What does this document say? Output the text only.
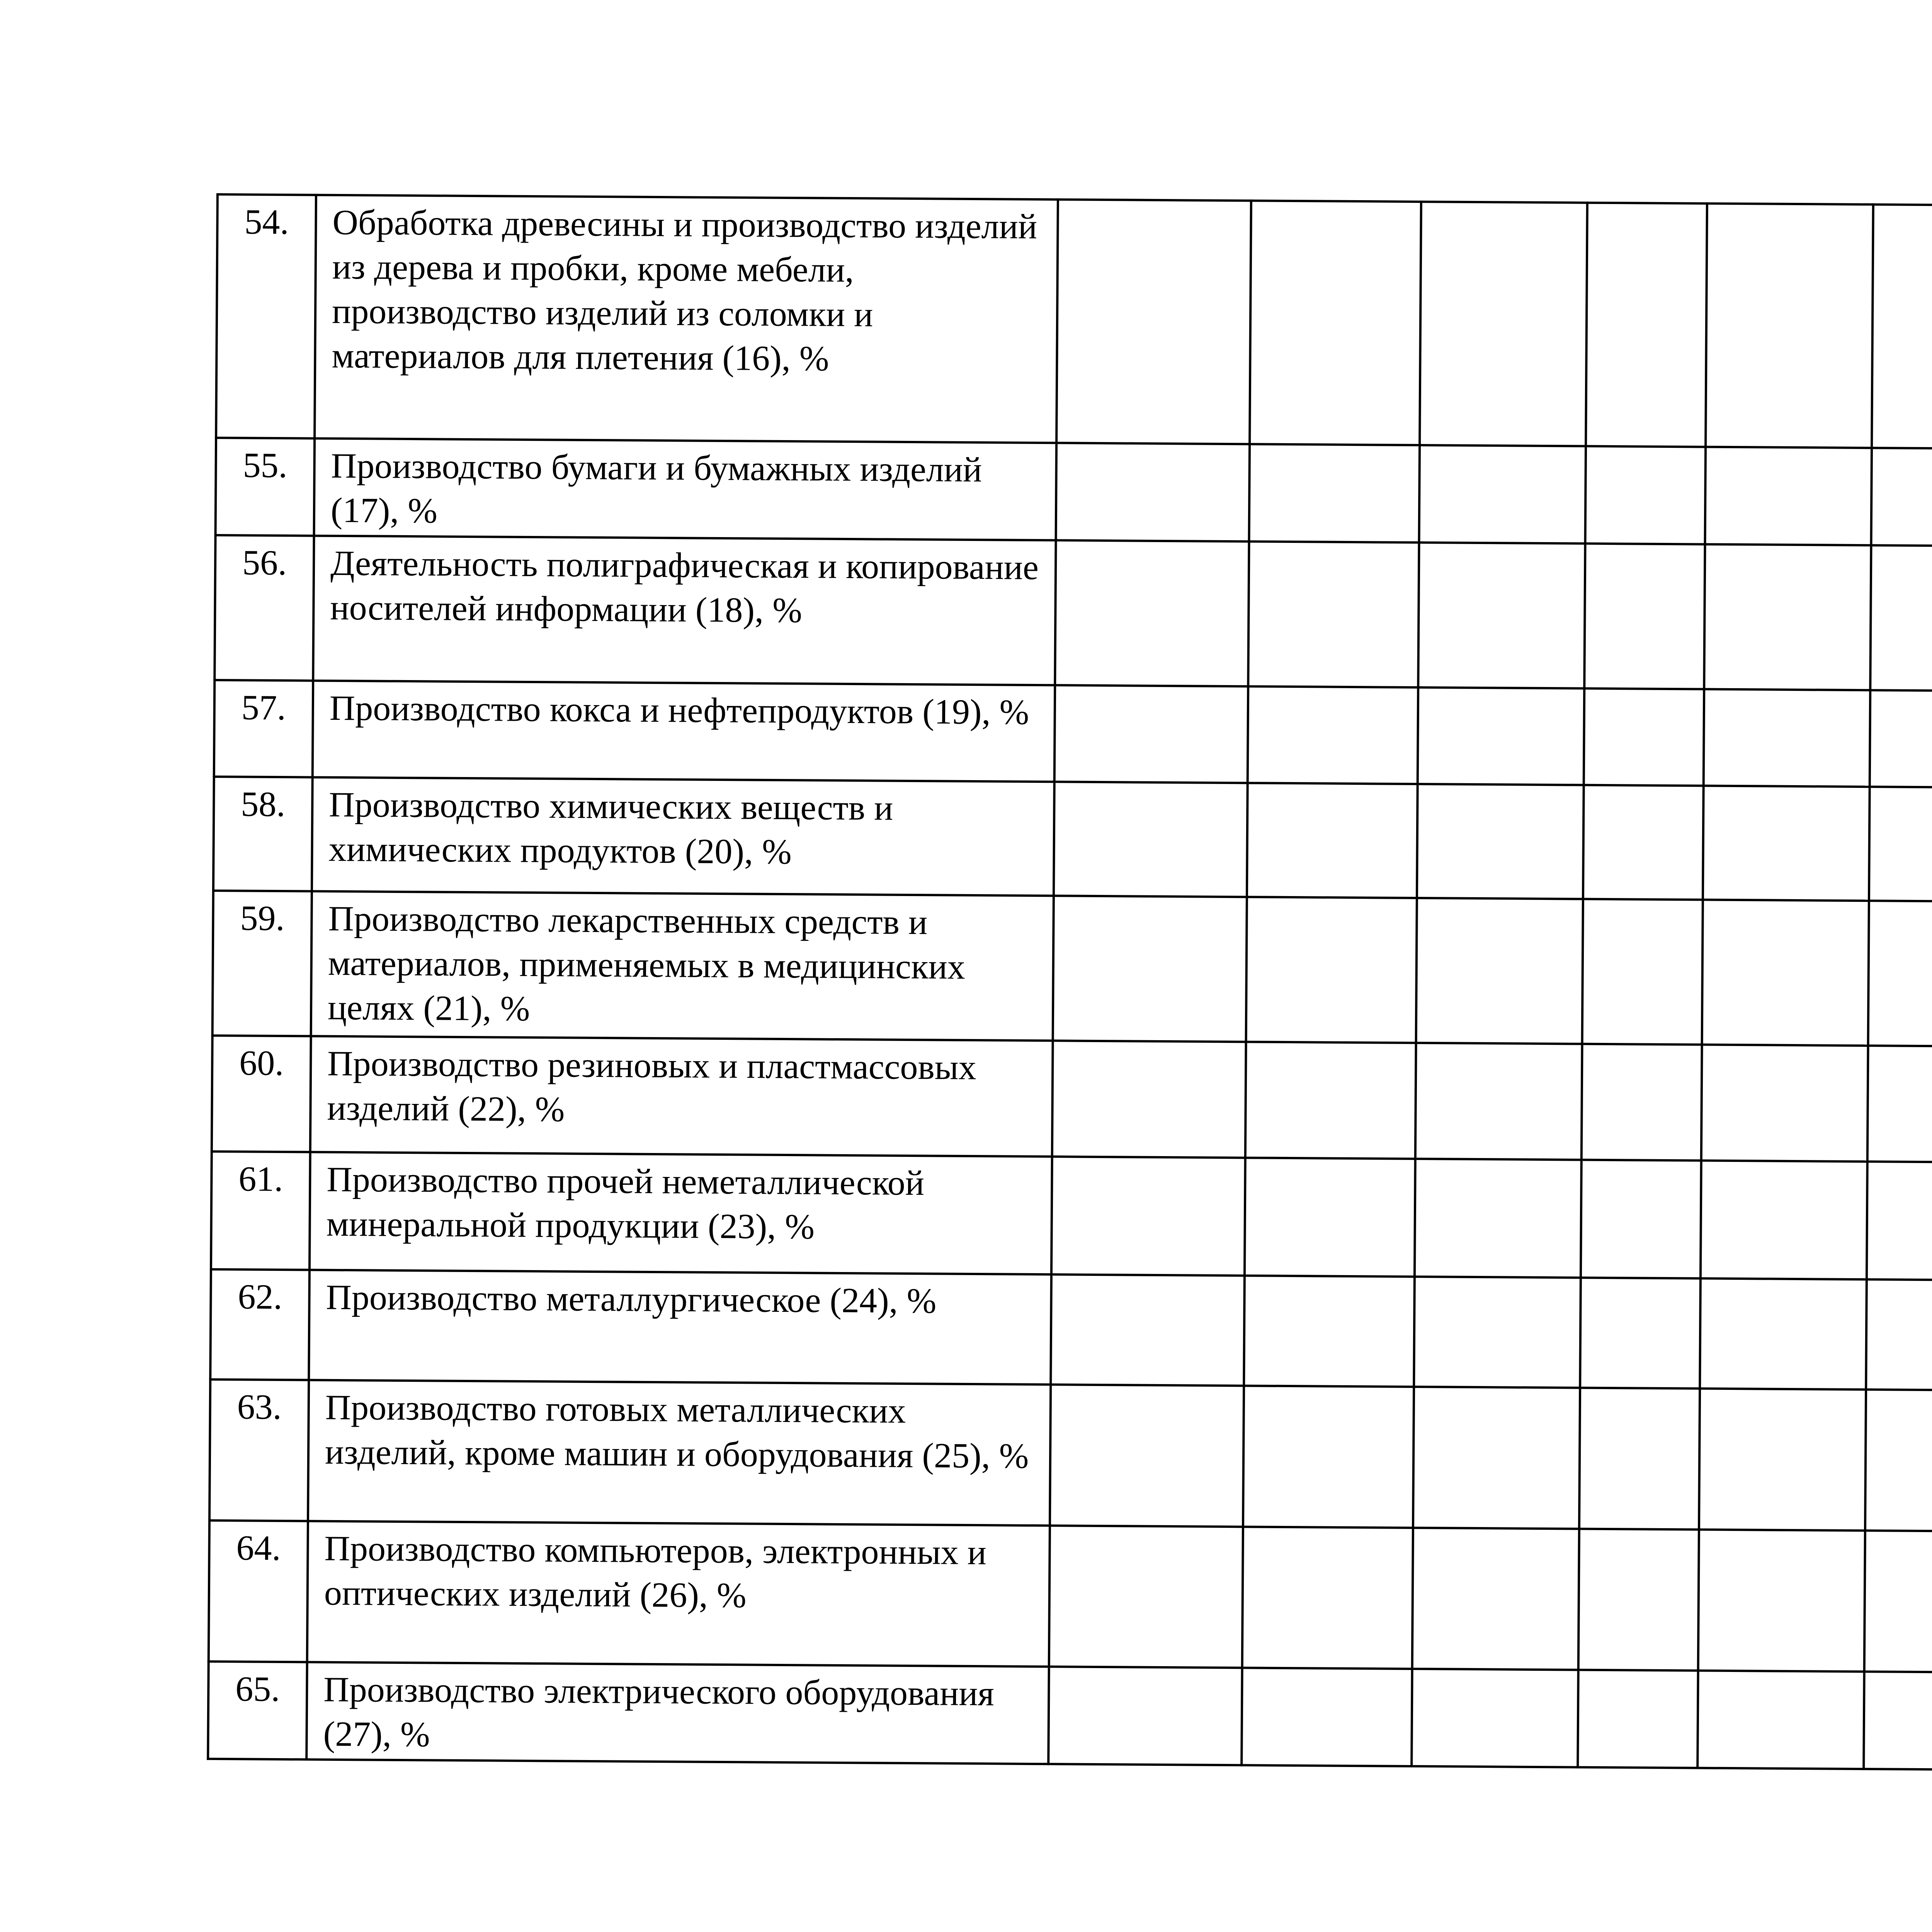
54.	Обработка древесины и производство изделий из дерева и пробки, кроме мебели, производство изделий из соломки и материалов для плетения (16), %											
55.	Производство бумаги и бумажных изделий (17), %											
56.	Деятельность полиграфическая и копирование носителей информации (18), %											
57.	Производство кокса и нефтепродуктов (19), %											
58.	Производство химических веществ и химических продуктов (20), %											
59.	Производство лекарственных средств и материалов, применяемых в медицинских целях (21), %											
60.	Производство резиновых и пластмассовых изделий (22), %											
61.	Производство прочей неметаллической минеральной продукции (23), %											
62.	Производство металлургическое (24), %											
63.	Производство готовых металлических изделий, кроме машин и оборудования (25), %											
64.	Производство компьютеров, электронных и оптических изделий (26), %											
65.	Производство электрического оборудования (27), %											
